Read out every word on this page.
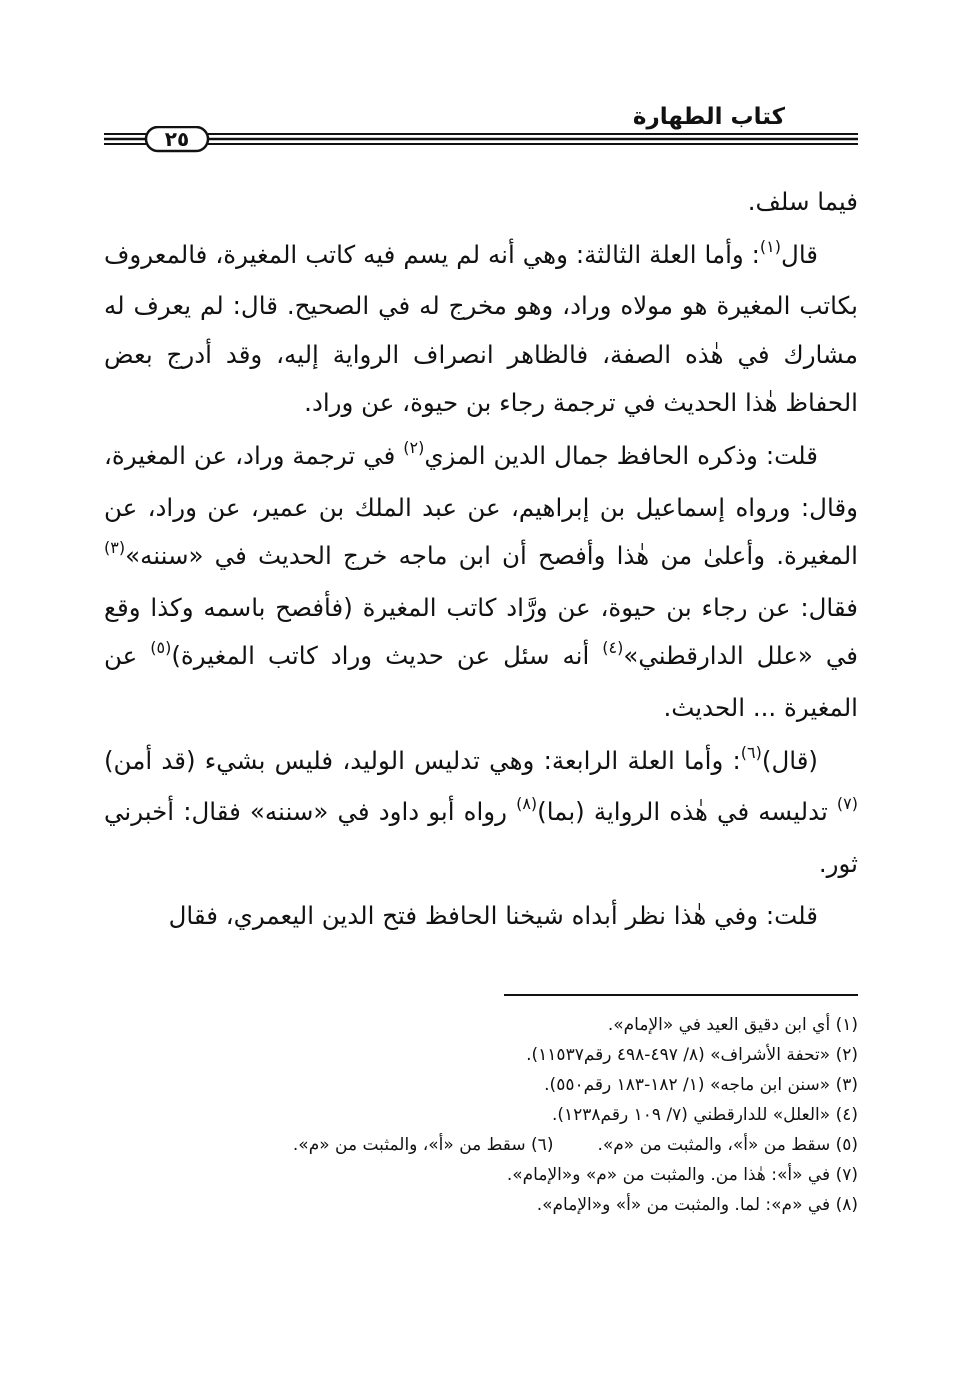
كتاب الطهارة
٢٥

فيما سلف.

قال$^{(١)}$: وأما العلة الثالثة: وهي أنه لم يسم فيه كاتب المغيرة، فالمعروف بكاتب المغيرة هو مولاه وراد، وهو مخرج له في الصحيح. قال: لم يعرف له مشارك في هٰذه الصفة، فالظاهر انصراف الرواية إليه، وقد أدرج بعض الحفاظ هٰذا الحديث في ترجمة رجاء بن حيوة، عن وراد.

قلت: وذكره الحافظ جمال الدين المزي$^{(٢)}$ في ترجمة وراد، عن المغيرة، وقال: ورواه إسماعيل بن إبراهيم، عن عبد الملك بن عمير، عن وراد، عن المغيرة. وأعلىٰ من هٰذا وأفصح أن ابن ماجه خرج الحديث في «سننه»$^{(٣)}$ فقال: عن رجاء بن حيوة، عن ورَّاد كاتب المغيرة (فأفصح باسمه وكذا وقع في «علل الدارقطني»$^{(٤)}$ أنه سئل عن حديث وراد كاتب المغيرة)$^{(٥)}$ عن المغيرة ... الحديث.

(قال)$^{(٦)}$: وأما العلة الرابعة: وهي تدليس الوليد، فليس بشيء (قد أمن)$^{(٧)}$ تدليسه في هٰذه الرواية (بما)$^{(٨)}$ رواه أبو داود في «سننه» فقال: أخبرني ثور.

قلت: وفي هٰذا نظر أبداه شيخنا الحافظ فتح الدين اليعمري، فقال

(١) أي ابن دقيق العيد في «الإمام».
(٢) «تحفة الأشراف» (٨/ ٤٩٧-٤٩٨ رقم١١٥٣٧).
(٣) «سنن ابن ماجه» (١/ ١٨٢-١٨٣ رقم٥٥٠).
(٤) «العلل» للدارقطني (٧/ ١٠٩ رقم١٢٣٨).
(٥) سقط من «أ»، والمثبت من «م».(٦) سقط من «أ»، والمثبت من «م».
(٧) في «أ»: هٰذا من. والمثبت من «م» و«الإمام».
(٨) في «م»: لما. والمثبت من «أ» و«الإمام».
